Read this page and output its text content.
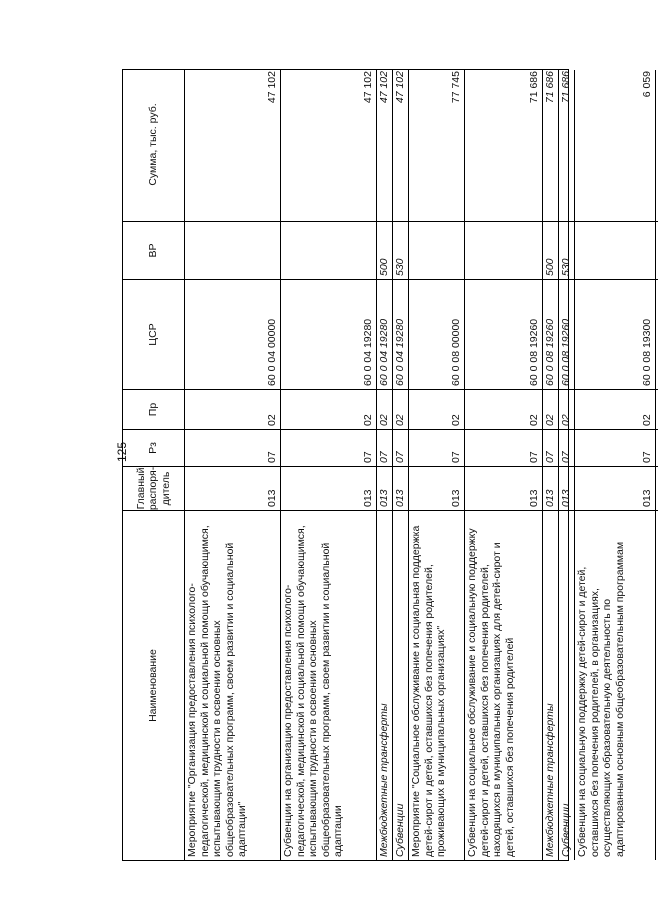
125
Наименование
Главный распоря-дитель
Рз
Пр
ЦСР
ВР
Сумма, тыс. руб.
Мероприятие "Организация предоставления психолого-педагогической, медицинской и социальной помощи обучающимся, испытывающим трудности в освоении основных общеобразовательных программ, своем развитии и социальной адаптации"
013
07
02
60 0 04 00000
47 102
Субвенции на организацию предоставления психолого-педагогической, медицинской и социальной помощи обучающимся, испытывающим трудности в освоении основных общеобразовательных программ, своем развитии и социальной адаптации
013
07
02
60 0 04 19280
47 102
Межбюджетные трансферты
013
07
02
60 0 04 19280
500
47 102
Субвенции
013
07
02
60 0 04 19280
530
47 102
Мероприятие "Социальное обслуживание и социальная поддержка детей-сирот и детей, оставшихся без попечения родителей, проживающих в муниципальных организациях"
013
07
02
60 0 08 00000
77 745
Субвенции на социальное обслуживание и социальную поддержку детей-сирот и детей, оставшихся без попечения родителей, находящихся в муниципальных организациях для детей-сирот и детей, оставшихся без попечения родителей
013
07
02
60 0 08 19260
71 686
Межбюджетные трансферты
013
07
02
60 0 08 19260
500
71 686
Субвенции
013
07
02
60 0 08 19260
530
71 686
Субвенции на социальную поддержку детей-сирот и детей, оставшихся без попечения родителей, в организациях, осуществляющих образовательную деятельность по адаптированным основным общеобразовательным программам
013
07
02
60 0 08 19300
6 059
